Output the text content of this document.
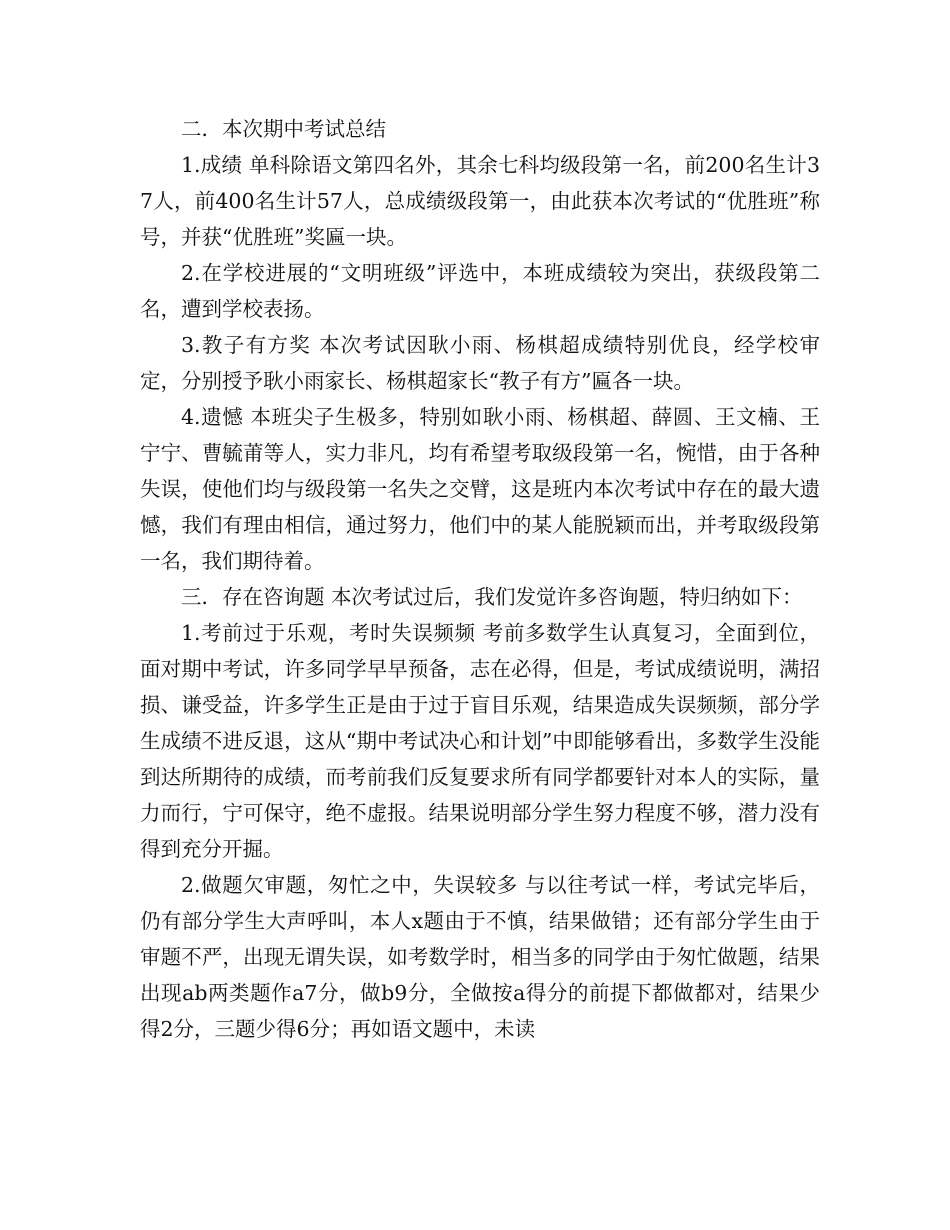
二．本次期中考试总结

1.成绩 单科除语文第四名外，其余七科均级段第一名，前200名生计37人，前400名生计57人，总成绩级段第一，由此获本次考试的“优胜班”称号，并获“优胜班”奖匾一块。

2.在学校进展的“文明班级”评选中，本班成绩较为突出，获级段第二名，遭到学校表扬。

3.教子有方奖 本次考试因耿小雨、杨棋超成绩特别优良，经学校审定，分别授予耿小雨家长、杨棋超家长“教子有方”匾各一块。

4.遗憾 本班尖子生极多，特别如耿小雨、杨棋超、薛圆、王文楠、王宁宁、曹毓莆等人，实力非凡，均有希望考取级段第一名，惋惜，由于各种失误，使他们均与级段第一名失之交臂，这是班内本次考试中存在的最大遗憾，我们有理由相信，通过努力，他们中的某人能脱颖而出，并考取级段第一名，我们期待着。

三．存在咨询题 本次考试过后，我们发觉许多咨询题，特归纳如下：

1.考前过于乐观，考时失误频频 考前多数学生认真复习，全面到位，面对期中考试，许多同学早早预备，志在必得，但是，考试成绩说明，满招损、谦受益，许多学生正是由于过于盲目乐观，结果造成失误频频，部分学生成绩不进反退，这从“期中考试决心和计划”中即能够看出，多数学生没能到达所期待的成绩，而考前我们反复要求所有同学都要针对本人的实际，量力而行，宁可保守，绝不虚报。结果说明部分学生努力程度不够，潜力没有得到充分开掘。

2.做题欠审题，匆忙之中，失误较多 与以往考试一样，考试完毕后，仍有部分学生大声呼叫，本人x题由于不慎，结果做错；还有部分学生由于审题不严，出现无谓失误，如考数学时，相当多的同学由于匆忙做题，结果出现ab两类题作a7分，做b9分，全做按a得分的前提下都做都对，结果少得2分，三题少得6分；再如语文题中，未读
